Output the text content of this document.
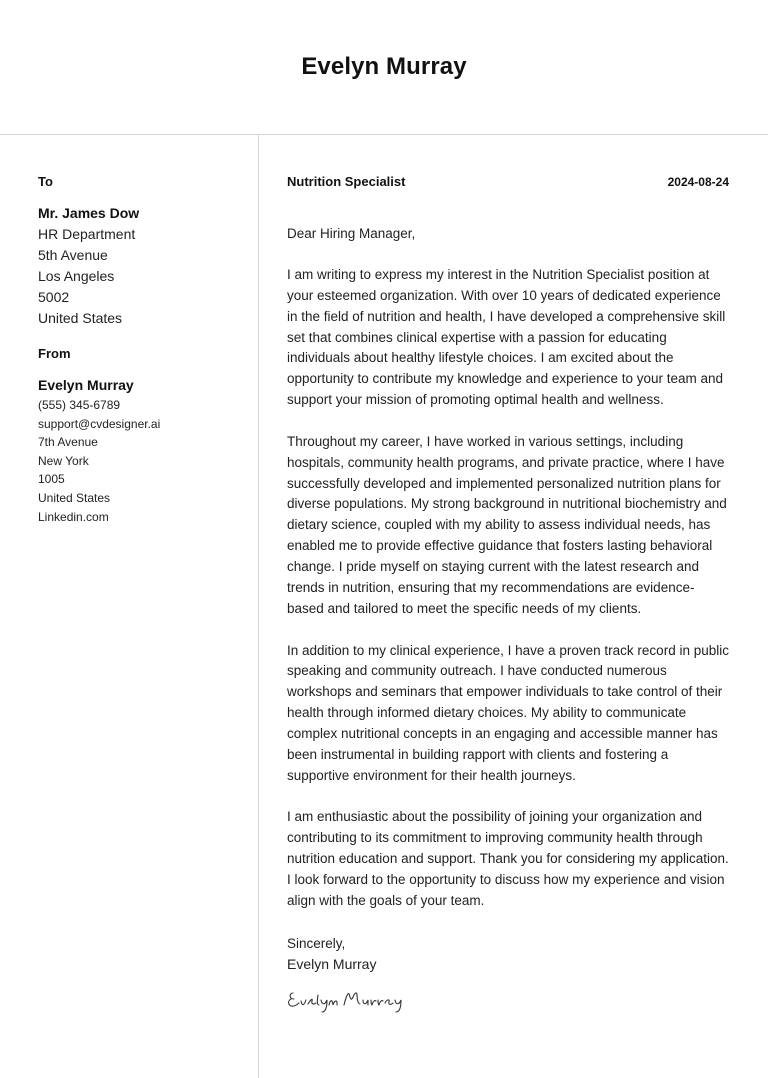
Evelyn Murray
To
Mr. James Dow
HR Department
5th Avenue
Los Angeles
5002
United States
From
Evelyn Murray
(555) 345-6789
support@cvdesigner.ai
7th Avenue
New York
1005
United States
Linkedin.com
Nutrition Specialist	2024-08-24
Dear Hiring Manager,
I am writing to express my interest in the Nutrition Specialist position at your esteemed organization. With over 10 years of dedicated experience in the field of nutrition and health, I have developed a comprehensive skill set that combines clinical expertise with a passion for educating individuals about healthy lifestyle choices. I am excited about the opportunity to contribute my knowledge and experience to your team and support your mission of promoting optimal health and wellness.
Throughout my career, I have worked in various settings, including hospitals, community health programs, and private practice, where I have successfully developed and implemented personalized nutrition plans for diverse populations. My strong background in nutritional biochemistry and dietary science, coupled with my ability to assess individual needs, has enabled me to provide effective guidance that fosters lasting behavioral change. I pride myself on staying current with the latest research and trends in nutrition, ensuring that my recommendations are evidence-based and tailored to meet the specific needs of my clients.
In addition to my clinical experience, I have a proven track record in public speaking and community outreach. I have conducted numerous workshops and seminars that empower individuals to take control of their health through informed dietary choices. My ability to communicate complex nutritional concepts in an engaging and accessible manner has been instrumental in building rapport with clients and fostering a supportive environment for their health journeys.
I am enthusiastic about the possibility of joining your organization and contributing to its commitment to improving community health through nutrition education and support. Thank you for considering my application. I look forward to the opportunity to discuss how my experience and vision align with the goals of your team.
Sincerely,
Evelyn Murray
